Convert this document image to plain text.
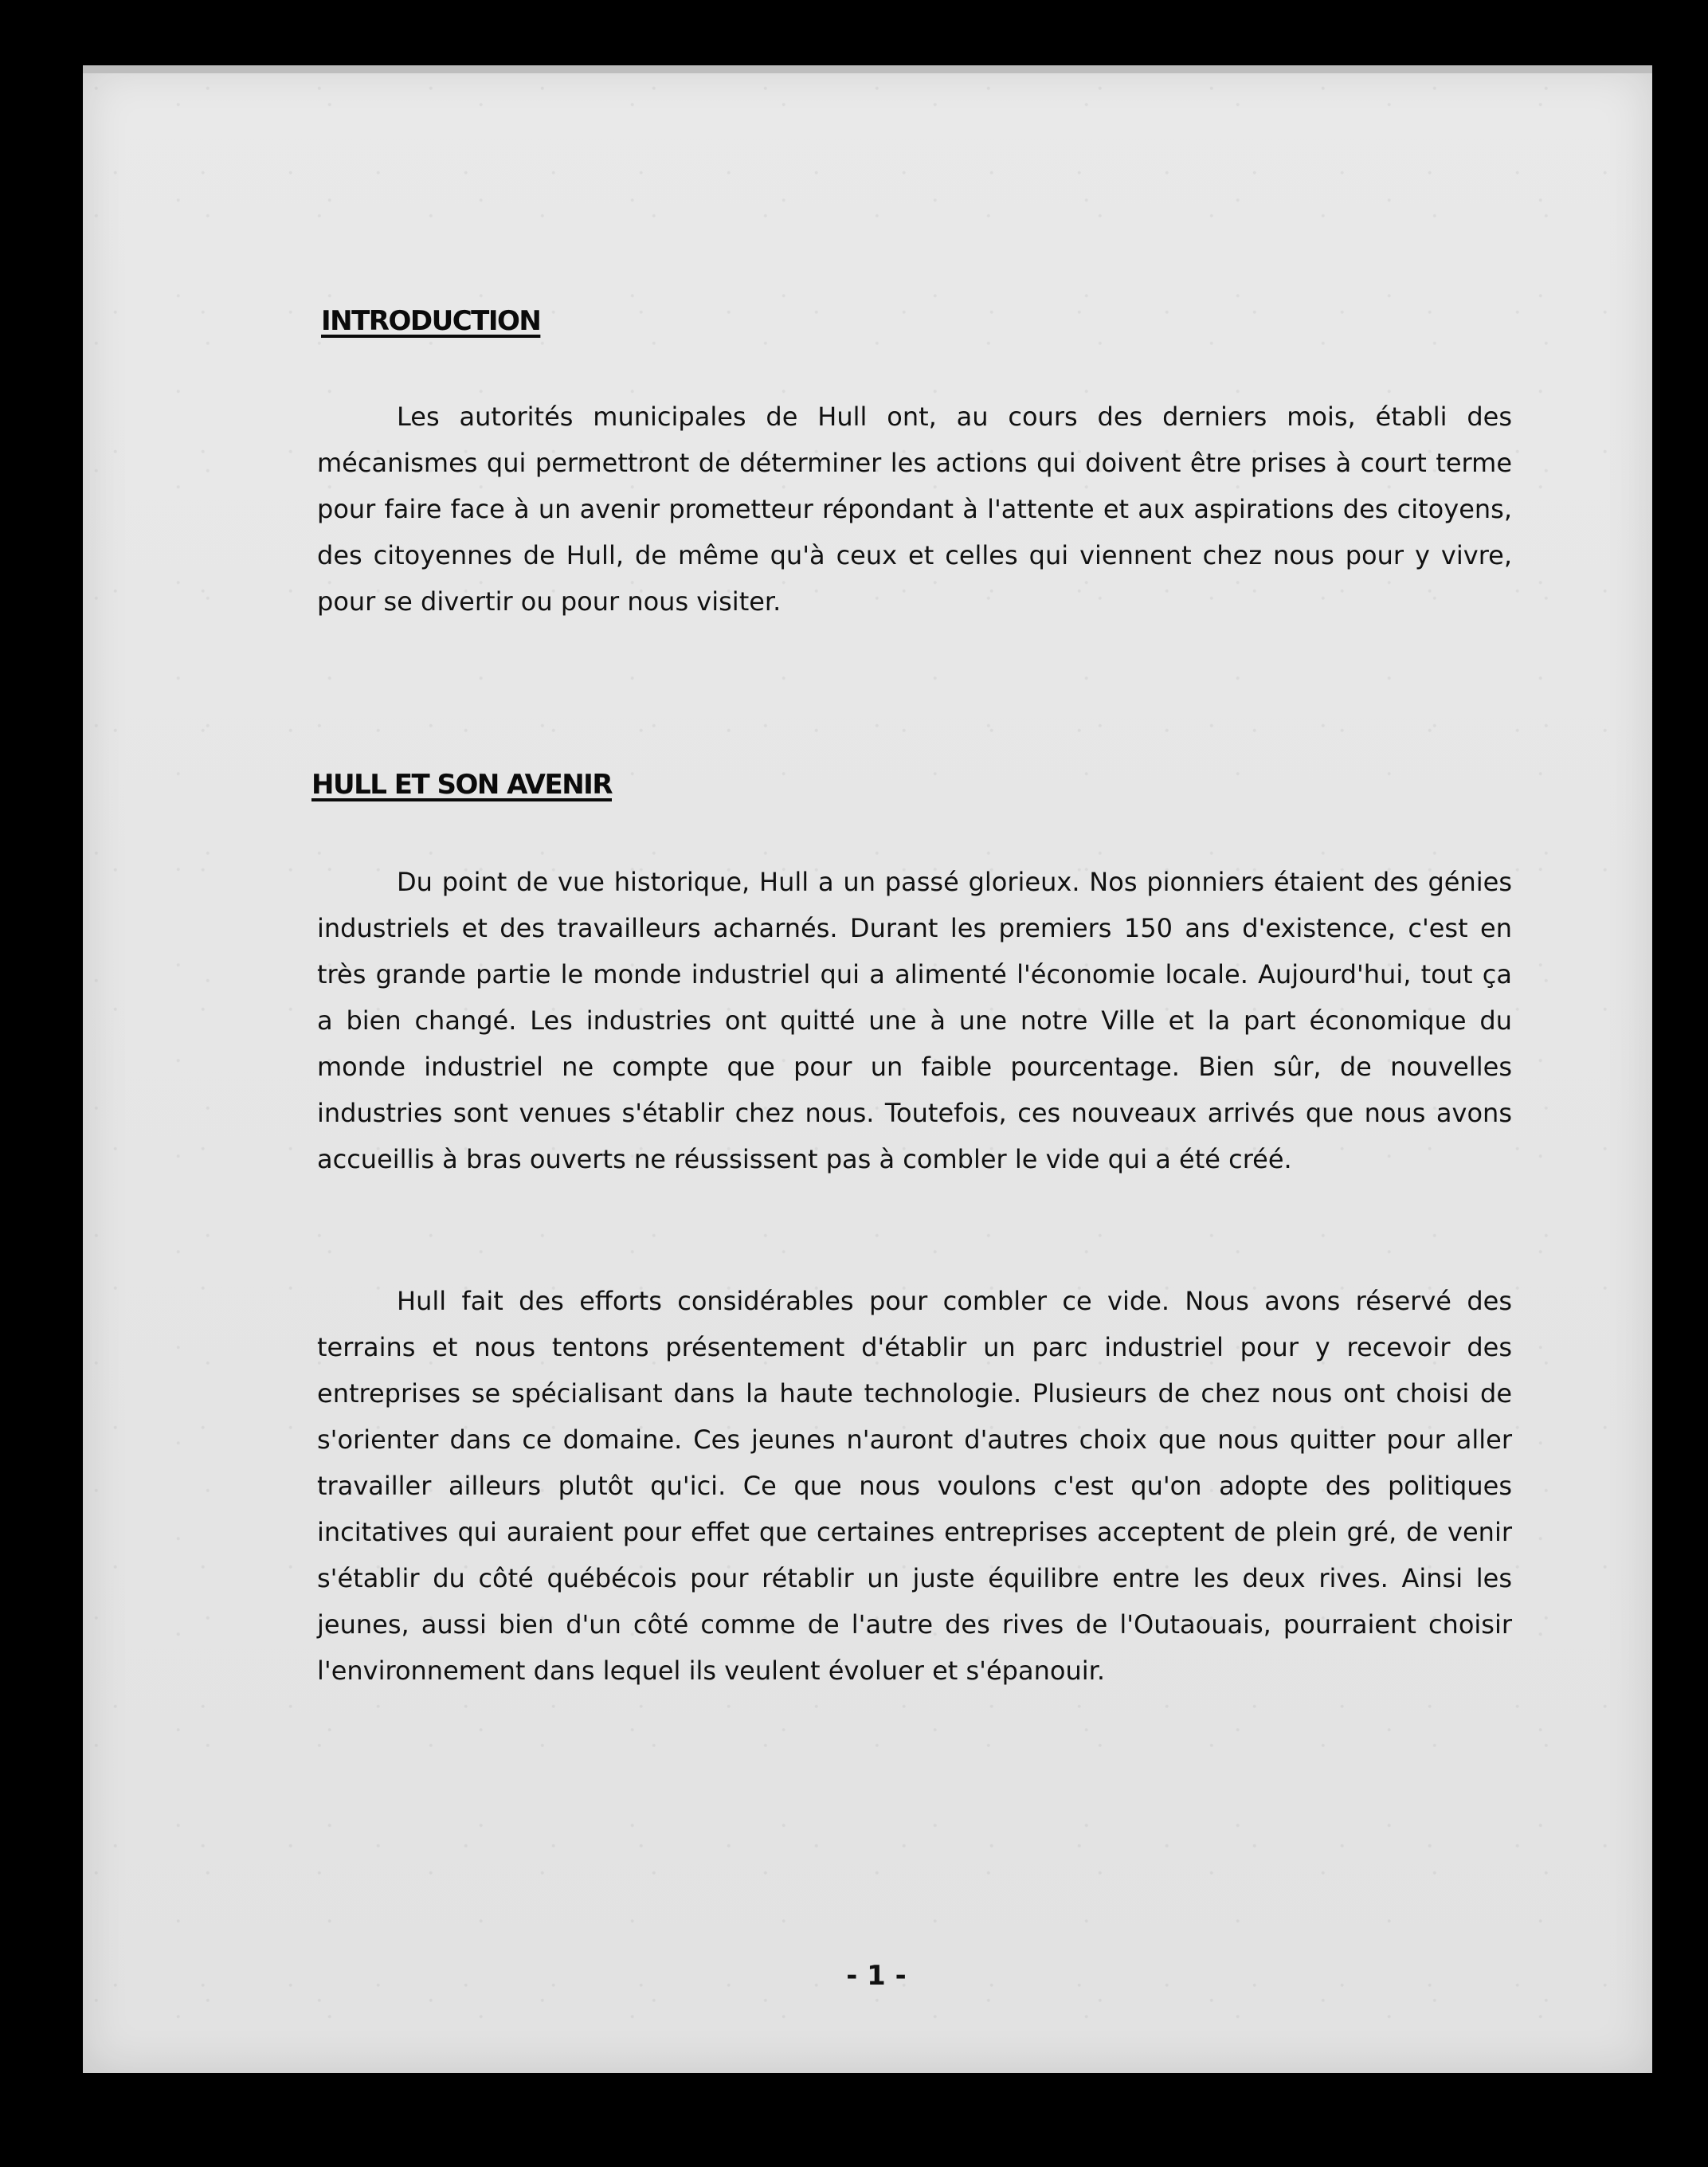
INTRODUCTION

Les autorités municipales de Hull ont, au cours des derniers mois, établi des mécanismes qui permettront de déterminer les actions qui doivent être prises à court terme pour faire face à un avenir prometteur répondant à l'attente et aux aspirations des citoyens, des citoyennes de Hull, de même qu'à ceux et celles qui viennent chez nous pour y vivre, pour se divertir ou pour nous visiter.

HULL ET SON AVENIR

Du point de vue historique, Hull a un passé glorieux. Nos pionniers étaient des génies industriels et des travailleurs acharnés. Durant les premiers 150 ans d'existence, c'est en très grande partie le monde industriel qui a alimenté l'économie locale. Aujourd'hui, tout ça a bien changé. Les industries ont quitté une à une notre Ville et la part économique du monde industriel ne compte que pour un faible pourcentage. Bien sûr, de nouvelles industries sont venues s'établir chez nous. Toutefois, ces nouveaux arrivés que nous avons accueillis à bras ouverts ne réussissent pas à combler le vide qui a été créé.

Hull fait des efforts considérables pour combler ce vide. Nous avons réservé des terrains et nous tentons présentement d'établir un parc industriel pour y recevoir des entreprises se spécialisant dans la haute technologie. Plusieurs de chez nous ont choisi de s'orienter dans ce domaine. Ces jeunes n'auront d'autres choix que nous quitter pour aller travailler ailleurs plutôt qu'ici. Ce que nous voulons c'est qu'on adopte des politiques incitatives qui auraient pour effet que certaines entreprises acceptent de plein gré, de venir s'établir du côté québécois pour rétablir un juste équilibre entre les deux rives. Ainsi les jeunes, aussi bien d'un côté comme de l'autre des rives de l'Outaouais, pourraient choisir l'environnement dans lequel ils veulent évoluer et s'épanouir.

- 1 -
